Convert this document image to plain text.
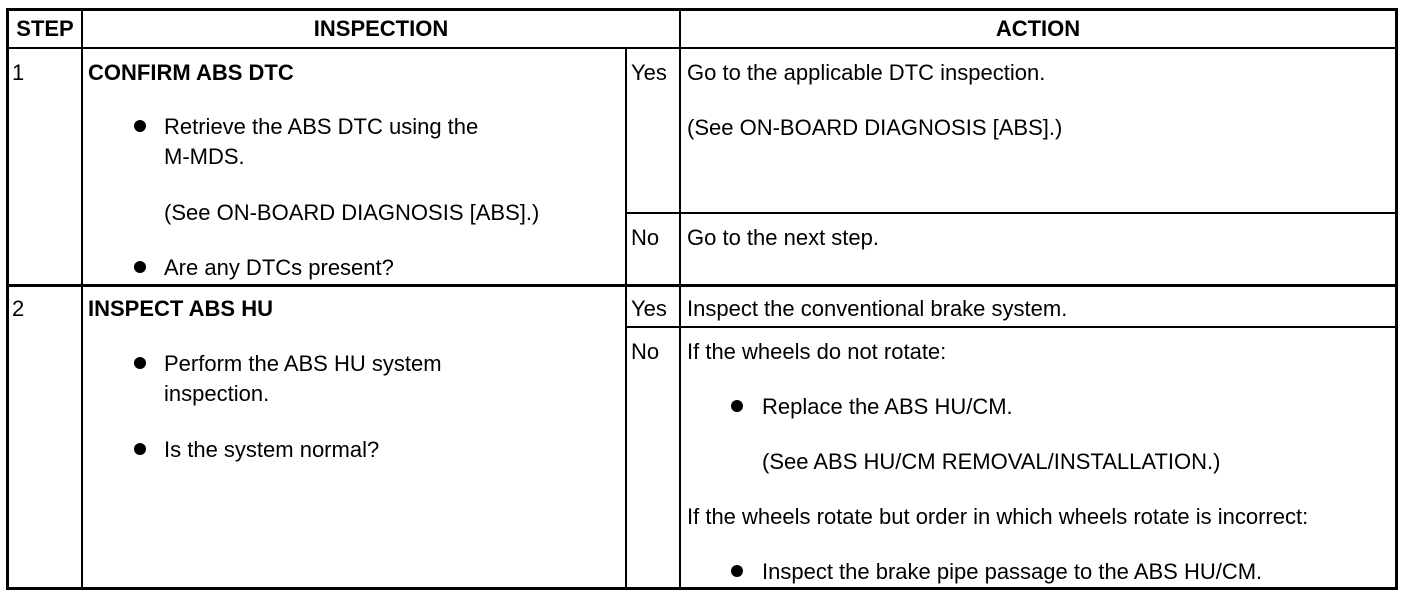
STEP	INSPECTION	ACTION
1	CONFIRM ABS DTC
Retrieve the ABS DTC using the
M-MDS.
(See ON-BOARD DIAGNOSIS [ABS].)
Are any DTCs present?
Yes Go to the applicable DTC inspection.
(See ON-BOARD DIAGNOSIS [ABS].)
No Go to the next step.
2	INSPECT ABS HU
Perform the ABS HU system
inspection.
Is the system normal?
Yes Inspect the conventional brake system.
No If the wheels do not rotate:
Replace the ABS HU/CM.
(See ABS HU/CM REMOVAL/INSTALLATION.)
If the wheels rotate but order in which wheels rotate is incorrect:
Inspect the brake pipe passage to the ABS HU/CM.
